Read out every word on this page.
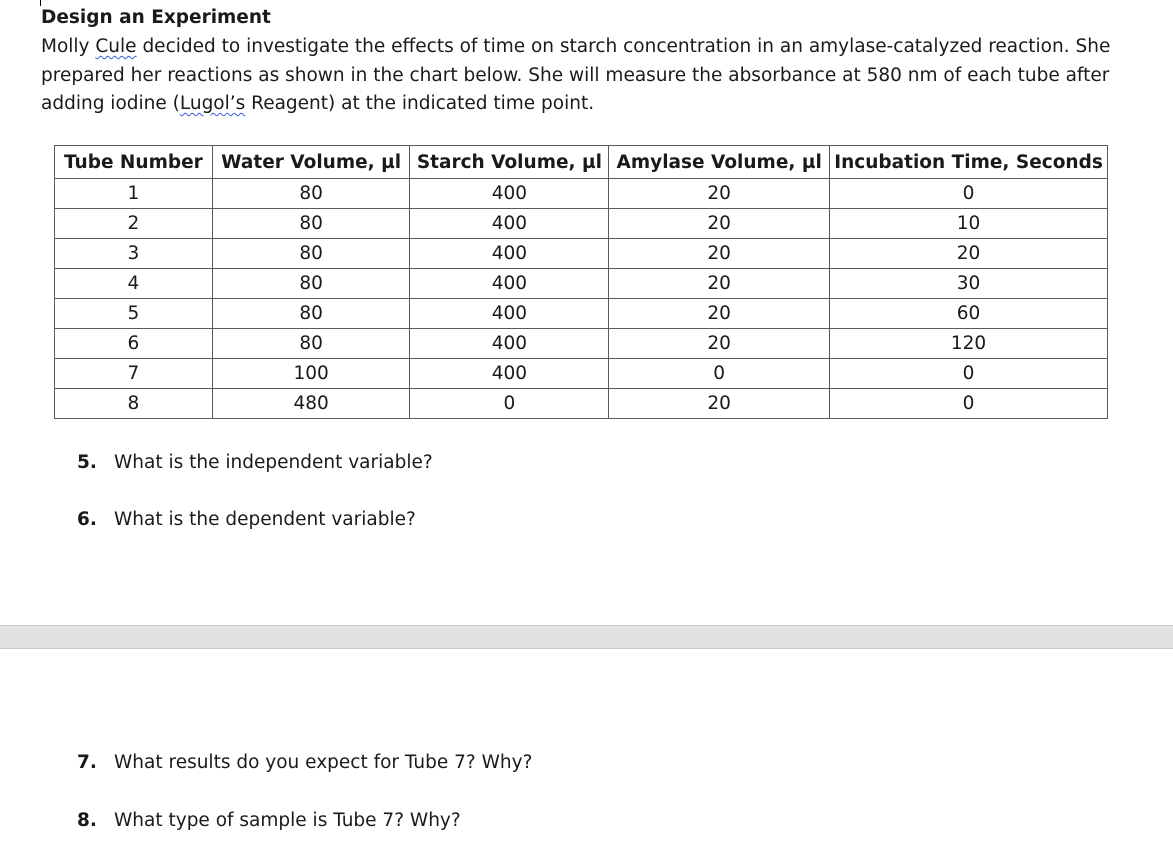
Design an Experiment
Molly Cule decided to investigate the effects of time on starch concentration in an amylase-catalyzed reaction. She prepared her reactions as shown in the chart below. She will measure the absorbance at 580 nm of each tube after adding iodine (Lugol’s Reagent) at the indicated time point.
Tube Number	Water Volume, µl	Starch Volume, µl	Amylase Volume, µl	Incubation Time, Seconds
1	80	400	20	0
2	80	400	20	10
3	80	400	20	20
4	80	400	20	30
5	80	400	20	60
6	80	400	20	120
7	100	400	0	0
8	480	0	20	0
5. What is the independent variable?
6. What is the dependent variable?
7. What results do you expect for Tube 7? Why?
8. What type of sample is Tube 7? Why?
